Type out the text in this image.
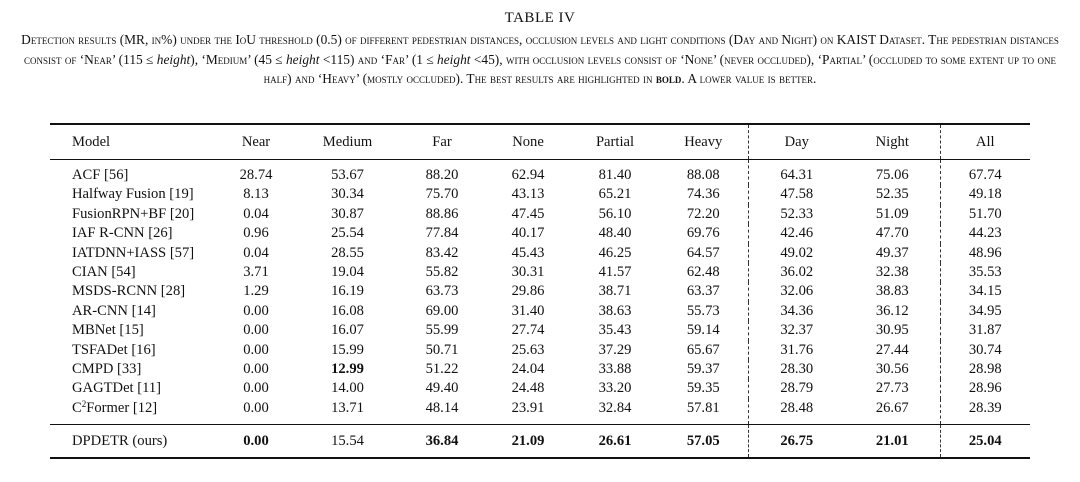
TABLE IV
Detection results (MR, in%) under the IoU threshold (0.5) of different pedestrian distances, occlusion levels and light conditions (Day and Night) on KAIST Dataset. The pedestrian distances consist of ‘Near’ (115 ≤ height), ‘Medium’ (45 ≤ height <115) and ‘Far’ (1 ≤ height <45), with occlusion levels consist of ‘None’ (never occluded), ‘Partial’ (occluded to some extent up to one half) and ‘Heavy’ (mostly occluded). The best results are highlighted in bold. A lower value is better.
Model	Near	Medium	Far	None	Partial	Heavy	Day	Night	All
ACF [56]	28.74	53.67	88.20	62.94	81.40	88.08	64.31	75.06	67.74
Halfway Fusion [19]	8.13	30.34	75.70	43.13	65.21	74.36	47.58	52.35	49.18
FusionRPN+BF [20]	0.04	30.87	88.86	47.45	56.10	72.20	52.33	51.09	51.70
IAF R-CNN [26]	0.96	25.54	77.84	40.17	48.40	69.76	42.46	47.70	44.23
IATDNN+IASS [57]	0.04	28.55	83.42	45.43	46.25	64.57	49.02	49.37	48.96
CIAN [54]	3.71	19.04	55.82	30.31	41.57	62.48	36.02	32.38	35.53
MSDS-RCNN [28]	1.29	16.19	63.73	29.86	38.71	63.37	32.06	38.83	34.15
AR-CNN [14]	0.00	16.08	69.00	31.40	38.63	55.73	34.36	36.12	34.95
MBNet [15]	0.00	16.07	55.99	27.74	35.43	59.14	32.37	30.95	31.87
TSFADet [16]	0.00	15.99	50.71	25.63	37.29	65.67	31.76	27.44	30.74
CMPD [33]	0.00	12.99	51.22	24.04	33.88	59.37	28.30	30.56	28.98
GAGTDet [11]	0.00	14.00	49.40	24.48	33.20	59.35	28.79	27.73	28.96
$C^2Former$ [12]	0.00	13.71	48.14	23.91	32.84	57.81	28.48	26.67	28.39
DPDETR (ours)	0.00	15.54	36.84	21.09	26.61	57.05	26.75	21.01	25.04
